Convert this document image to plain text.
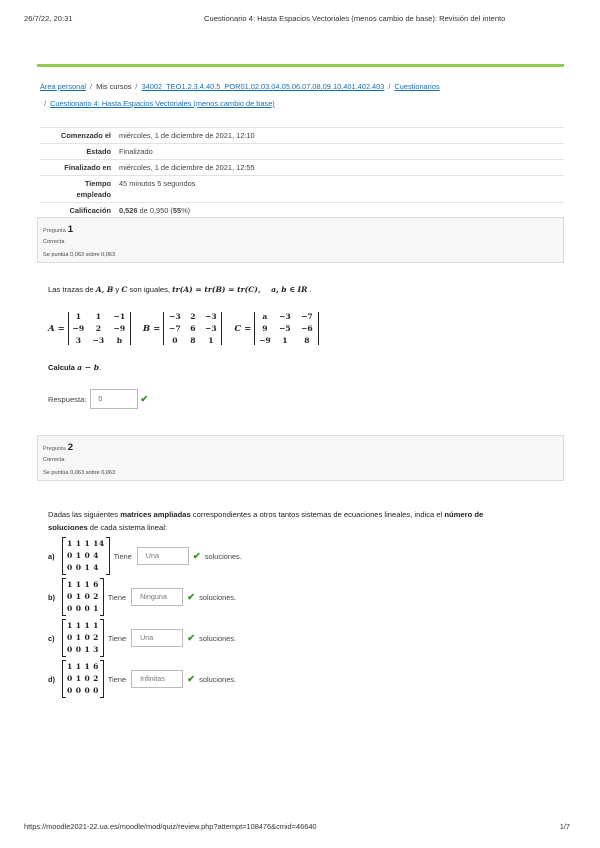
26/7/22, 20:31	Cuestionario 4: Hasta Espacios Vectoriales (menos cambio de base): Revisión del intento
Área personal / Mis cursos / 34002_TEO1.2.3.4.40.5_POR01.02.03.04.05.06.07.08.09.10.401.402.403 / Cuestionarios
/ Cuestionario 4: Hasta Espacios Vectoriales (menos cambio de base)
Comenzado el	miércoles, 1 de diciembre de 2021, 12:10
Estado	Finalizado
Finalizado en	miércoles, 1 de diciembre de 2021, 12:55
Tiempo empleado	45 minutos 5 segundos
Calificación	0,526 de 0,950 (55%)
Pregunta 1
Correcta
Se puntúa 0,063 sobre 0,063
Las trazas de A, B y C son iguales, tr(A) = tr(B) = tr(C),    a, b ∈ IR .
A =
1	1	−1
−9	2	−9
3	−3	b
B =
−3	2	−3
−7	6	−3
0	8	1
C =
a	−3	−7
9	−5	−6
−9	1	8
Calcula a − b.
Respuesta:	0	✔
Pregunta 2
Correcta
Se puntúa 0,063 sobre 0,063
Dadas las siguientes matrices ampliadas correspondientes a otros tantos sistemas de ecuaciones lineales, indica el número de soluciones de cada sistema lineal:
a)
1 1 1 14
0 1 0 4
0 0 1 4
Tiene	Una	✔ soluciones.
b)
1 1 1 6
0 1 0 2
0 0 0 1
Tiene	Ninguna	✔ soluciones.
c)
1 1 1 1
0 1 0 2
0 0 1 3
Tiene	Una	✔ soluciones.
d)
1 1 1 6
0 1 0 2
0 0 0 0
Tiene	Infinitas	✔ soluciones.
https://moodle2021-22.ua.es/moodle/mod/quiz/review.php?attempt=108476&cmid=46640	1/7
